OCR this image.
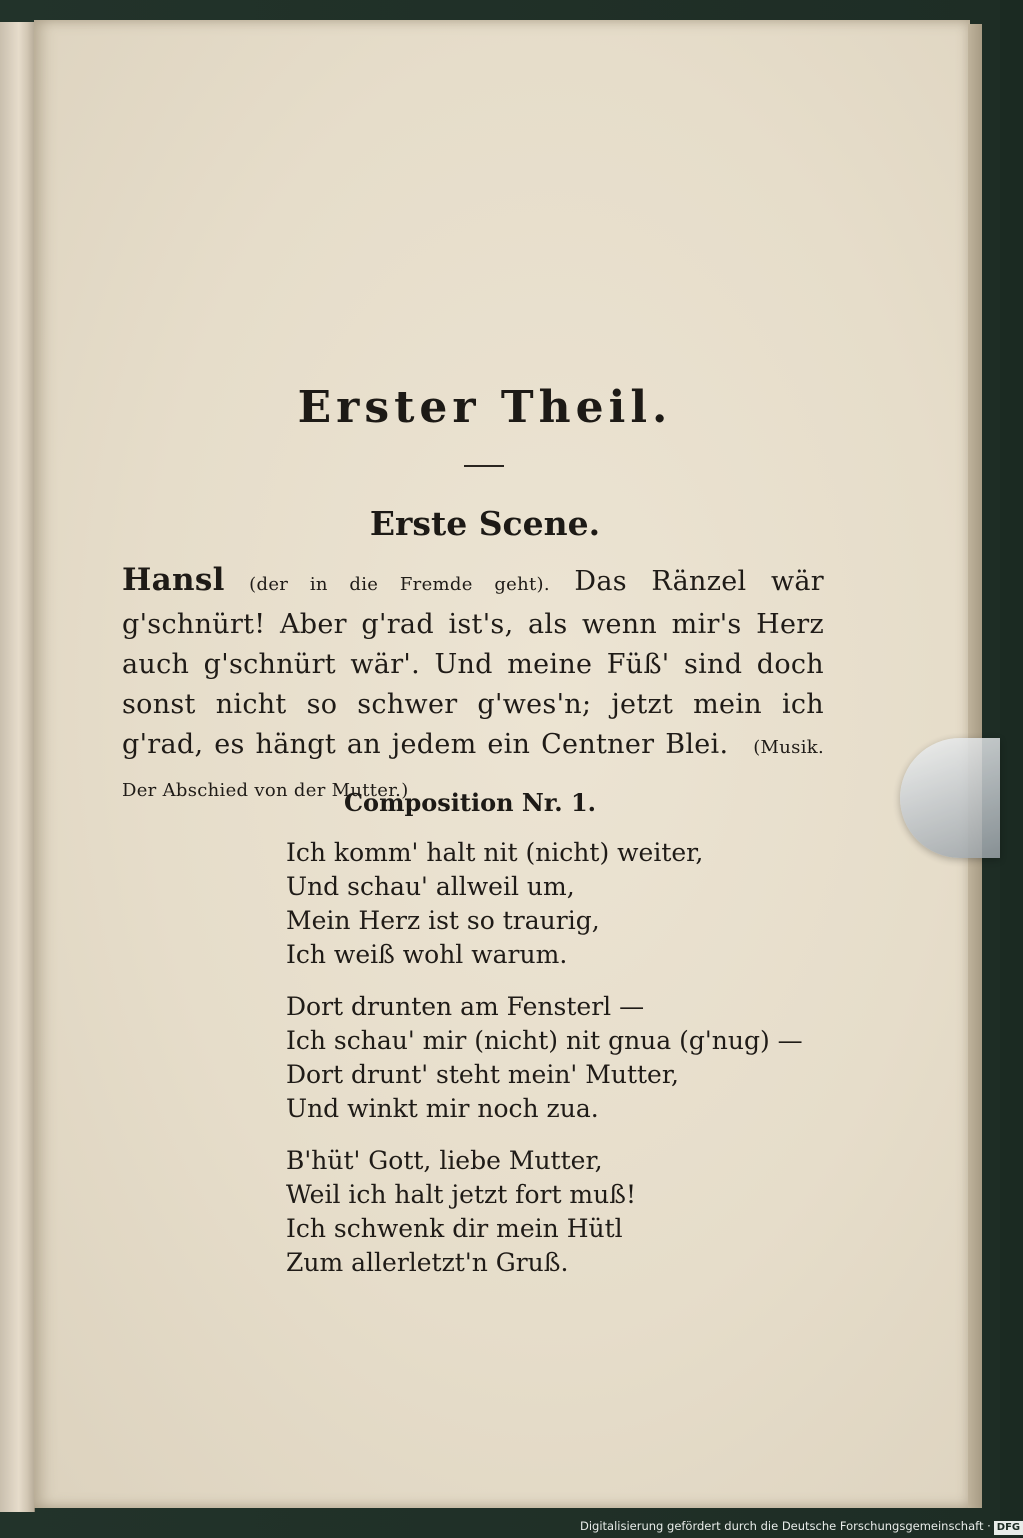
Erster Theil.
Erste Scene.
Hansl (der in die Fremde geht). Das Ränzel wär g'schnürt! Aber g'rad ist's, als wenn mir's Herz auch g'schnürt wär'. Und meine Füß' sind doch sonst nicht so schwer g'wes'n; jetzt mein ich g'rad, es hängt an jedem ein Centner Blei. (Musik. Der Abschied von der Mutter.)
Composition Nr. 1.
Ich komm' halt nit (nicht) weiter,
Und schau' allweil um,
Mein Herz ist so traurig,
Ich weiß wohl warum.
Dort drunten am Fensterl —
Ich schau' mir (nicht) nit gnua (g'nug) —
Dort drunt' steht mein' Mutter,
Und winkt mir noch zua.
B'hüt' Gott, liebe Mutter,
Weil ich halt jetzt fort muß!
Ich schwenk dir mein Hütl
Zum allerletzt'n Gruß.
Digitalisierung gefördert durch die Deutsche Forschungsgemeinschaft · DFG
